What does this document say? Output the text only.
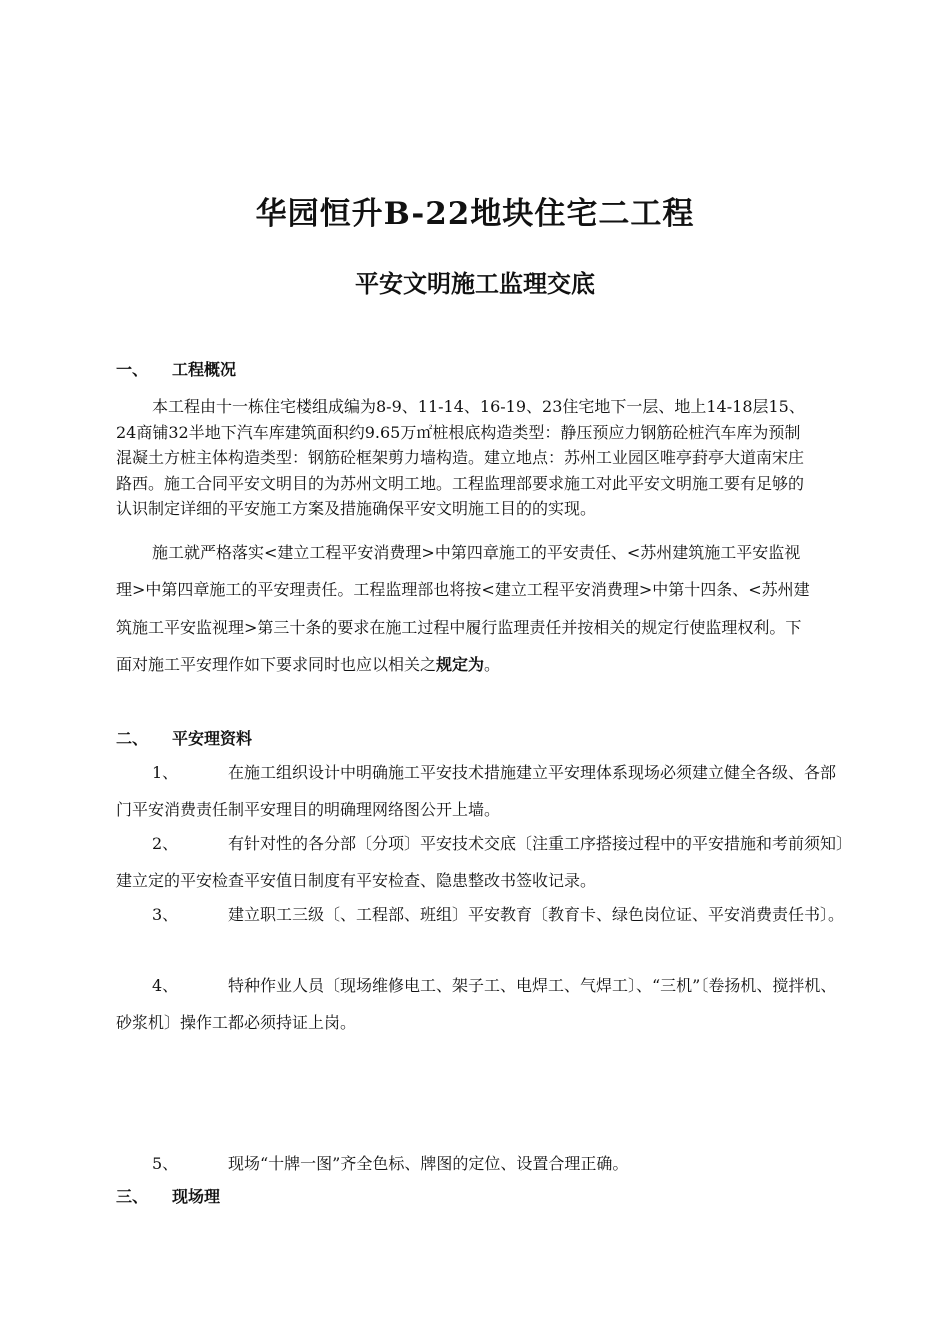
华园恒升B-22地块住宅二工程
平安文明施工监理交底
一、 工程概况

本工程由十一栋住宅楼组成编为8-9、11-14、16-19、23住宅地下一层、地上14-18层15、24商铺32半地下汽车库建筑面积约9.65万㎡桩根底构造类型：静压预应力钢筋砼桩汽车库为预制混凝土方桩主体构造类型：钢筋砼框架剪力墙构造。建立地点：苏州工业园区唯亭葑亭大道南宋庄路西。施工合同平安文明目的为苏州文明工地。工程监理部要求施工对此平安文明施工要有足够的认识制定详细的平安施工方案及措施确保平安文明施工目的的实现。

施工就严格落实<建立工程平安消费理>中第四章施工的平安责任、<苏州建筑施工平安监视理>中第四章施工的平安理责任。工程监理部也将按<建立工程平安消费理>中第十四条、<苏州建筑施工平安监视理>第三十条的要求在施工过程中履行监理责任并按相关的规定行使监理权利。下面对施工平安理作如下要求同时也应以相关之规定为。

二、 平安理资料

1、	在施工组织设计中明确施工平安技术措施建立平安理体系现场必须建立健全各级、各部门平安消费责任制平安理目的明确理网络图公开上墙。

2、	有针对性的各分部〔分项〕平安技术交底〔注重工序搭接过程中的平安措施和考前须知〕建立定的平安检查平安值日制度有平安检查、隐患整改书签收记录。

3、	建立职工三级〔、工程部、班组〕平安教育〔教育卡、绿色岗位证、平安消费责任书〕。

4、	特种作业人员〔现场维修电工、架子工、电焊工、气焊工〕、“三机”〔卷扬机、搅拌机、砂浆机〕操作工都必须持证上岗。

5、	现场“十牌一图”齐全色标、牌图的定位、设置合理正确。

三、 现场理
